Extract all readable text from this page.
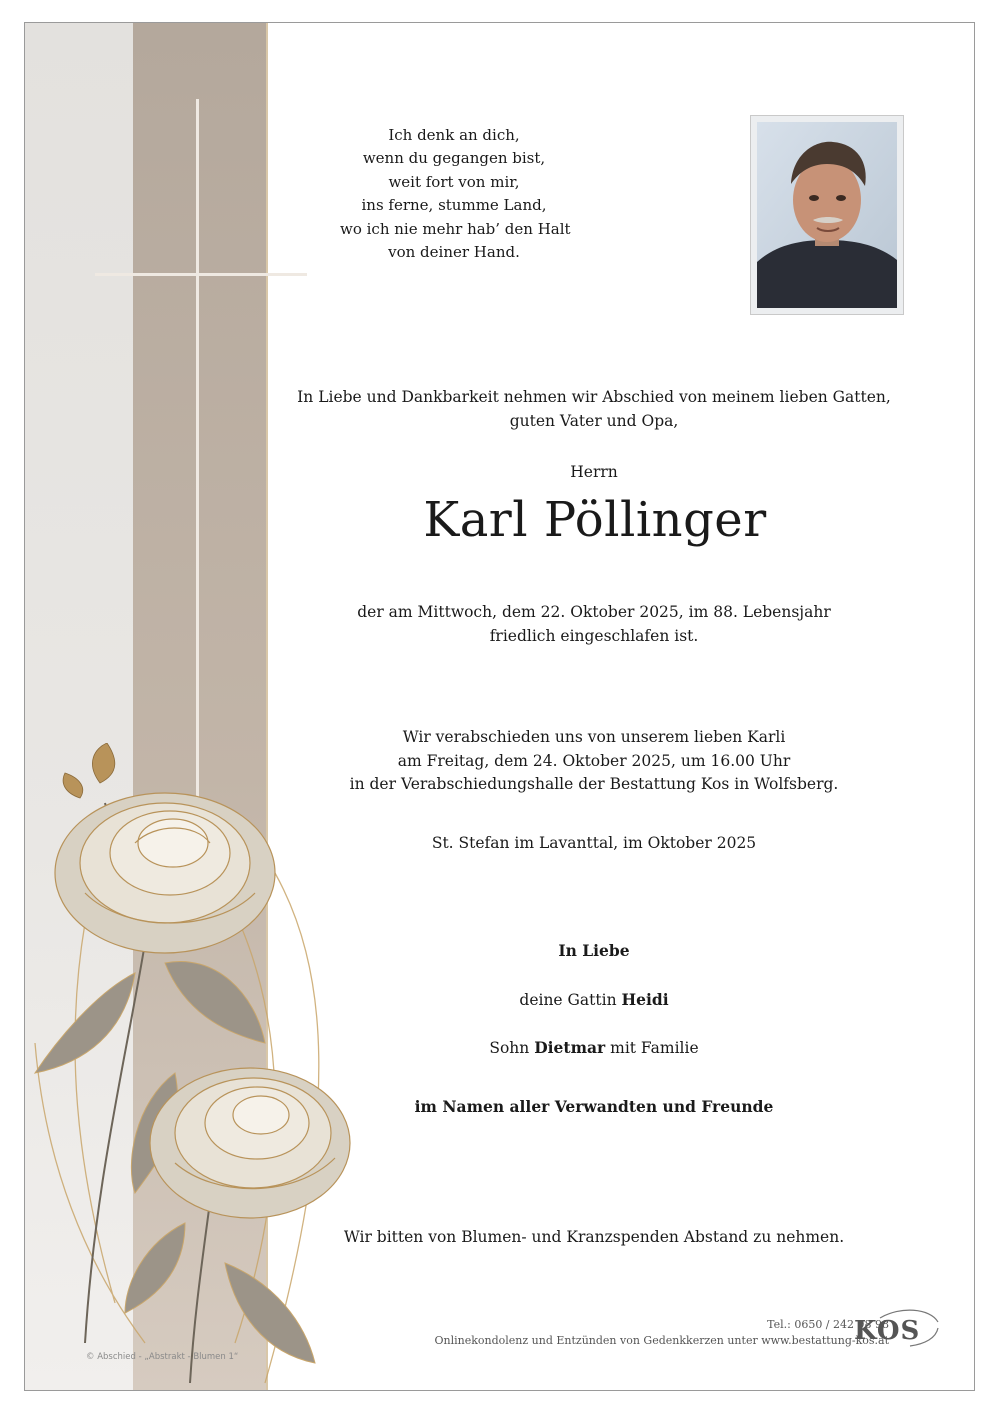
Ich denk an dich,
wenn du gegangen bist,
weit fort von mir,
ins ferne, stumme Land,
wo ich nie mehr hab’ den Halt
von deiner Hand.
In Liebe und Dankbarkeit nehmen wir Abschied von meinem lieben Gatten,
guten Vater und Opa,
Herrn
Karl Pöllinger
der am Mittwoch, dem 22. Oktober 2025, im 88. Lebensjahr
friedlich eingeschlafen ist.
Wir verabschieden uns von unserem lieben Karli
am Freitag, dem 24. Oktober 2025, um 16.00 Uhr
in der Verabschiedungshalle der Bestattung Kos in Wolfsberg.
St. Stefan im Lavanttal, im Oktober 2025
In Liebe
deine Gattin Heidi
Sohn Dietmar mit Familie
im Namen aller Verwandten und Freunde
Wir bitten von Blumen- und Kranzspenden Abstand zu nehmen.
Tel.: 0650 / 242 98 98
Onlinekondolenz und Entzünden von Gedenkkerzen unter www.bestattung-kos.at
© Abschied - „Abstrakt - Blumen 1“
KOS
